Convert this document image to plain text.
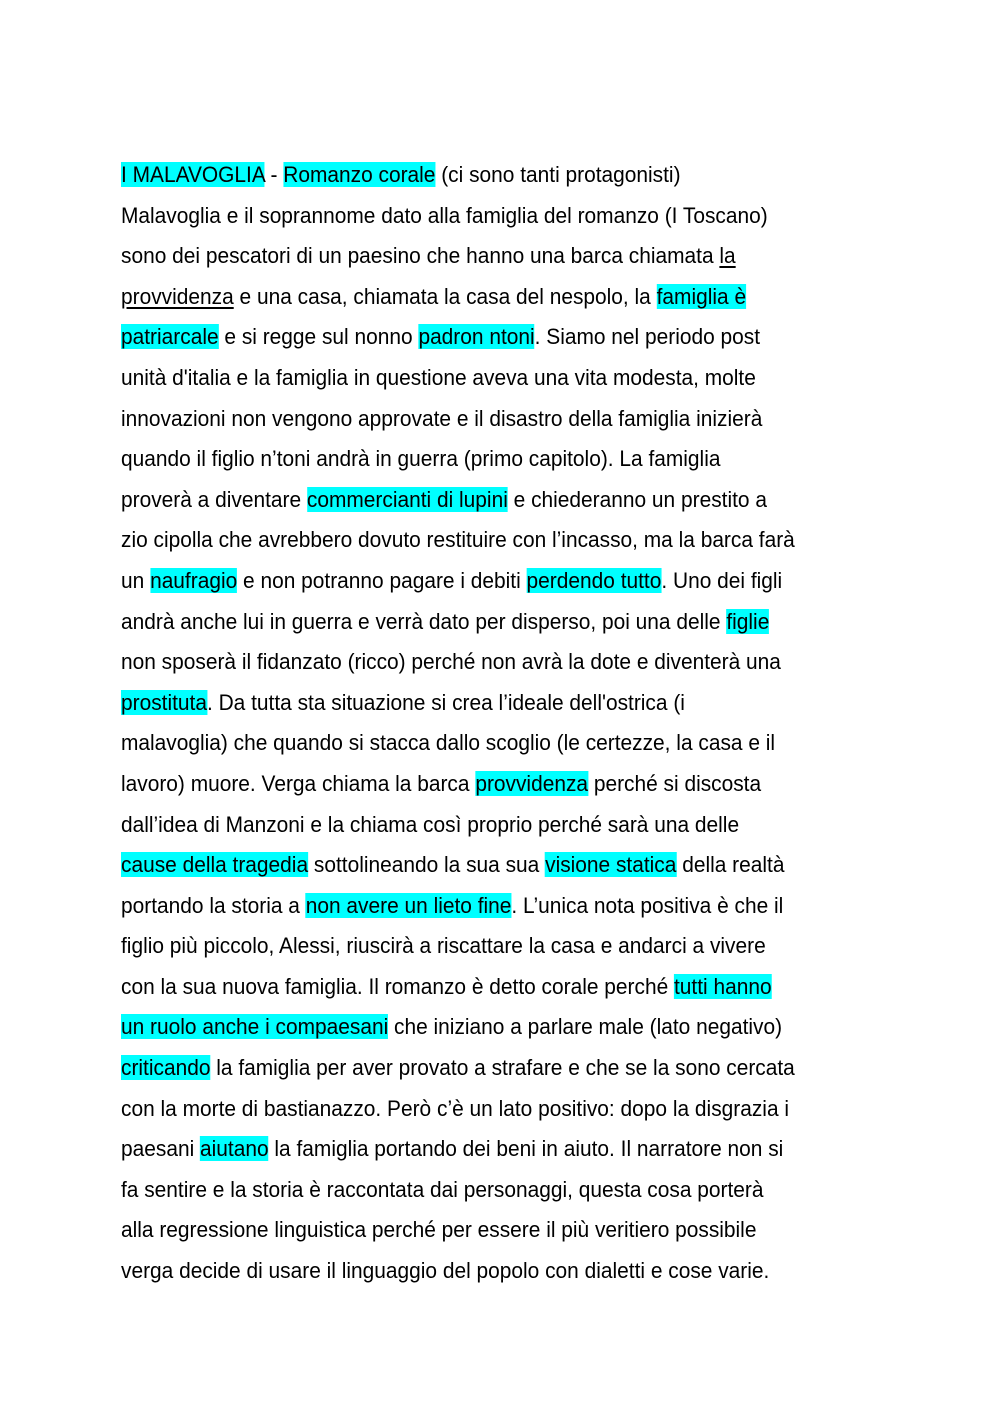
I MALAVOGLIA - Romanzo corale (ci sono tanti protagonisti)
Malavoglia e il soprannome dato alla famiglia del romanzo (I Toscano)
sono dei pescatori di un paesino che hanno una barca chiamata la
provvidenza e una casa, chiamata la casa del nespolo, la famiglia è
patriarcale e si regge sul nonno padron ntoni. Siamo nel periodo post
unità d'italia e la famiglia in questione aveva una vita modesta, molte
innovazioni non vengono approvate e il disastro della famiglia inizierà
quando il figlio n’toni andrà in guerra (primo capitolo). La famiglia
proverà a diventare commercianti di lupini e chiederanno un prestito a
zio cipolla che avrebbero dovuto restituire con l’incasso, ma la barca farà
un naufragio e non potranno pagare i debiti perdendo tutto. Uno dei figli
andrà anche lui in guerra e verrà dato per disperso, poi una delle figlie
non sposerà il fidanzato (ricco) perché non avrà la dote e diventerà una
prostituta. Da tutta sta situazione si crea l’ideale dell'ostrica (i
malavoglia) che quando si stacca dallo scoglio (le certezze, la casa e il
lavoro) muore. Verga chiama la barca provvidenza perché si discosta
dall’idea di Manzoni e la chiama così proprio perché sarà una delle
cause della tragedia sottolineando la sua sua visione statica della realtà
portando la storia a non avere un lieto fine. L’unica nota positiva è che il
figlio più piccolo, Alessi, riuscirà a riscattare la casa e andarci a vivere
con la sua nuova famiglia. Il romanzo è detto corale perché tutti hanno
un ruolo anche i compaesani che iniziano a parlare male (lato negativo)
criticando la famiglia per aver provato a strafare e che se la sono cercata
con la morte di bastianazzo. Però c’è un lato positivo: dopo la disgrazia i
paesani aiutano la famiglia portando dei beni in aiuto. Il narratore non si
fa sentire e la storia è raccontata dai personaggi, questa cosa porterà
alla regressione linguistica perché per essere il più veritiero possibile
verga decide di usare il linguaggio del popolo con dialetti e cose varie.
